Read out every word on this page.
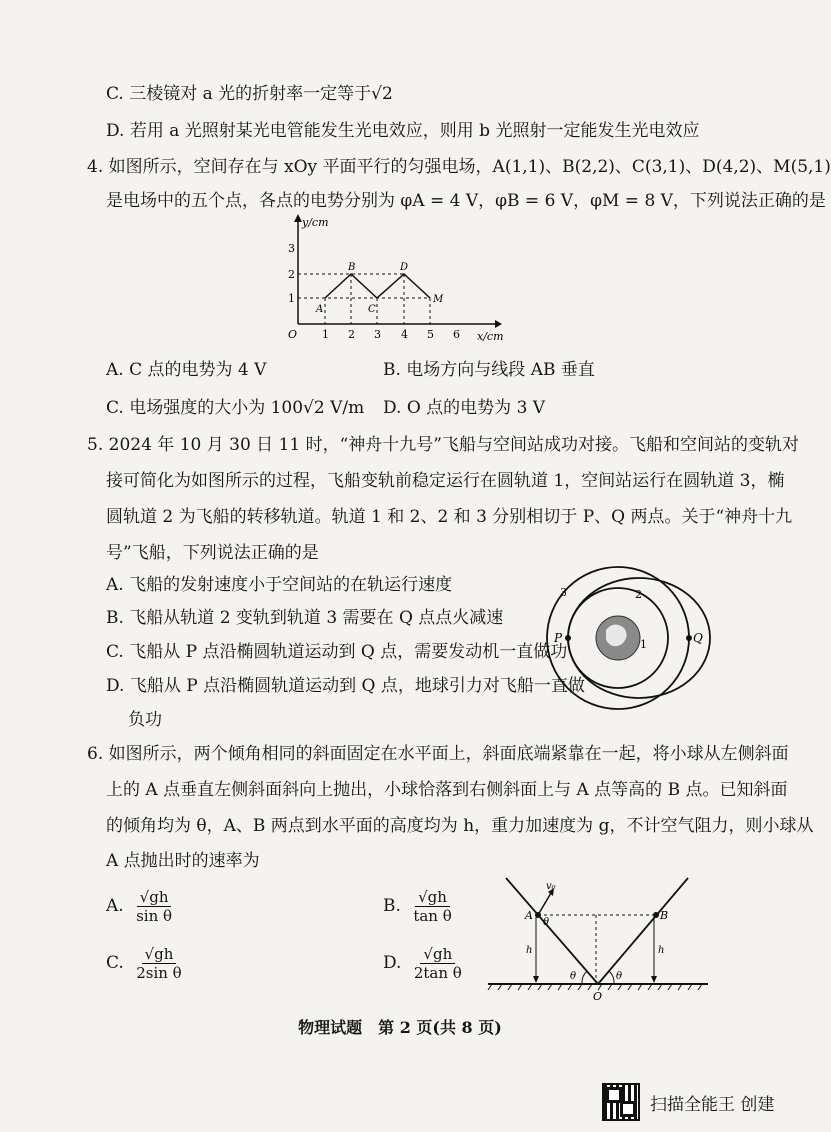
C. 三棱镜对 a 光的折射率一定等于√2
D. 若用 a 光照射某光电管能发生光电效应，则用 b 光照射一定能发生光电效应
4. 如图所示，空间存在与 xOy 平面平行的匀强电场，A(1,1)、B(2,2)、C(3,1)、D(4,2)、M(5,1)
是电场中的五个点，各点的电势分别为 φA = 4 V，φB = 6 V，φM = 8 V，下列说法正确的是
y/cm
x/cm
O 1 2 3 4 5 6
1
2
3
A
B
C
D
M
A. C 点的电势为 4 V	B. 电场方向与线段 AB 垂直
C. 电场强度的大小为 100√2 V/m D. O 点的电势为 3 V
5. 2024 年 10 月 30 日 11 时，“神舟十九号”飞船与空间站成功对接。飞船和空间站的变轨对
接可简化为如图所示的过程，飞船变轨前稳定运行在圆轨道 1，空间站运行在圆轨道 3，椭
圆轨道 2 为飞船的转移轨道。轨道 1 和 2、2 和 3 分别相切于 P、Q 两点。关于“神舟十九
号”飞船，下列说法正确的是
A. 飞船的发射速度小于空间站的在轨运行速度
B. 飞船从轨道 2 变轨到轨道 3 需要在 Q 点点火减速
C. 飞船从 P 点沿椭圆轨道运动到 Q 点，需要发动机一直做功
D. 飞船从 P 点沿椭圆轨道运动到 Q 点，地球引力对飞船一直做
负功
P	Q
3	2
1
6. 如图所示，两个倾角相同的斜面固定在水平面上，斜面底端紧靠在一起，将小球从左侧斜面
上的 A 点垂直左侧斜面斜向上抛出，小球恰落到右侧斜面上与 A 点等高的 B 点。已知斜面
的倾角均为 θ，A、B 两点到水平面的高度均为 h，重力加速度为 g，不计空气阻力，则小球从
A 点抛出时的速率为
A. $\frac{√gh}{\text{sin θ}}$	B. $\frac{√gh}{\text{tan θ}}$
C. $\frac{√gh}{\text{2sin θ}}$	D. $\frac{√gh}{\text{2tan θ}}$
A	B
v₀
θ
θ	θ
h	h
O
物理试题　第 2 页(共 8 页)
扫描全能王 创建
